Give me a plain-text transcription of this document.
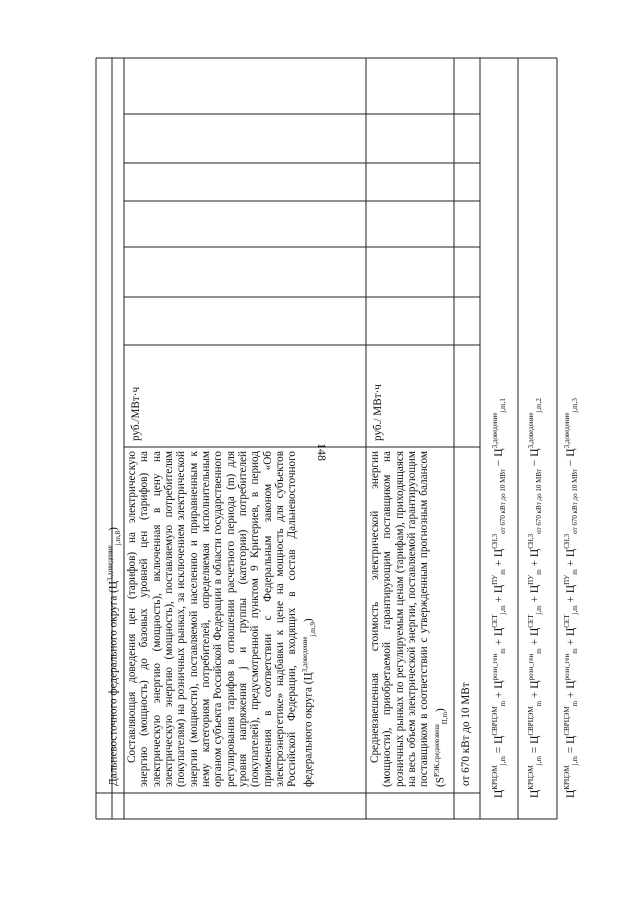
148
Дальневосточного федерального округа $(Ц^{3,доведение}_{j,m,8})$ Составляющая доведения цен (тарифов) на электрическую энергию (мощность) до базовых уровней цен (тарифов) на электрическую энергию (мощность), включенная в цену на электрическую энергию (мощность), поставляемую потребителям (покупателям) на розничных рынках, за исключением электрической энергии (мощности), поставляемой населению и приравненным к нему категориям потребителей, определяемая исполнительным органом субъекта Российской Федерации в области государственного регулирования тарифов в отношении расчетного периода (m) для уровня напряжения j и группы (категории) потребителей (покупателей), предусмотренной пунктом 9 Критериев, в период применения в соответствии с Федеральным законом «Об электроэнергетике» надбавки к цене на мощность для субъектов Российской Федерации, входящих в состав Дальневосточного федерального округа $(Ц^{3,доведение}_{j,m,9})$
руб./МВт·ч
Средневзвешенная стоимость электрической энергии (мощности), приобретаемой гарантирующим поставщиком на розничных рынках по регулируемым ценам (тарифам), приходящаяся на весь объем электрической энергии, поставляемой гарантирующим поставщиком в соответствии с утвержденным прогнозным балансом $(S^{РЭК,средневзвеш}_{П,m})$
руб./ МВт·ч
от 670 кВт до 10 МВт
$Ц^{КРЦЭМ}_{j,m} = Ц^{СВРЦЭМ}_m + Ц^{розн\_ген}_m + Ц^{СЕТ}_{j,m} + Ц^{ПУ}_m + Ц^{СН,3}_{от 670 кВт до 10 МВт} - Ц^{3,доведение}_{j,m,1}$
$Ц^{КРЦЭМ}_{j,m} = Ц^{СВРЦЭМ}_m + Ц^{розн\_ген}_m + Ц^{СЕТ}_{j,m} + Ц^{ПУ}_m + Ц^{СН,3}_{от 670 кВт до 10 МВт} - Ц^{3,доведение}_{j,m,2}$
$Ц^{КРЦЭМ}_{j,m} = Ц^{СВРЦЭМ}_m + Ц^{розн\_ген}_m + Ц^{СЕТ}_{j,m} + Ц^{ПУ}_m + Ц^{СН,3}_{от 670 кВт до 10 МВт} - Ц^{3,доведение}_{j,m,3}$
